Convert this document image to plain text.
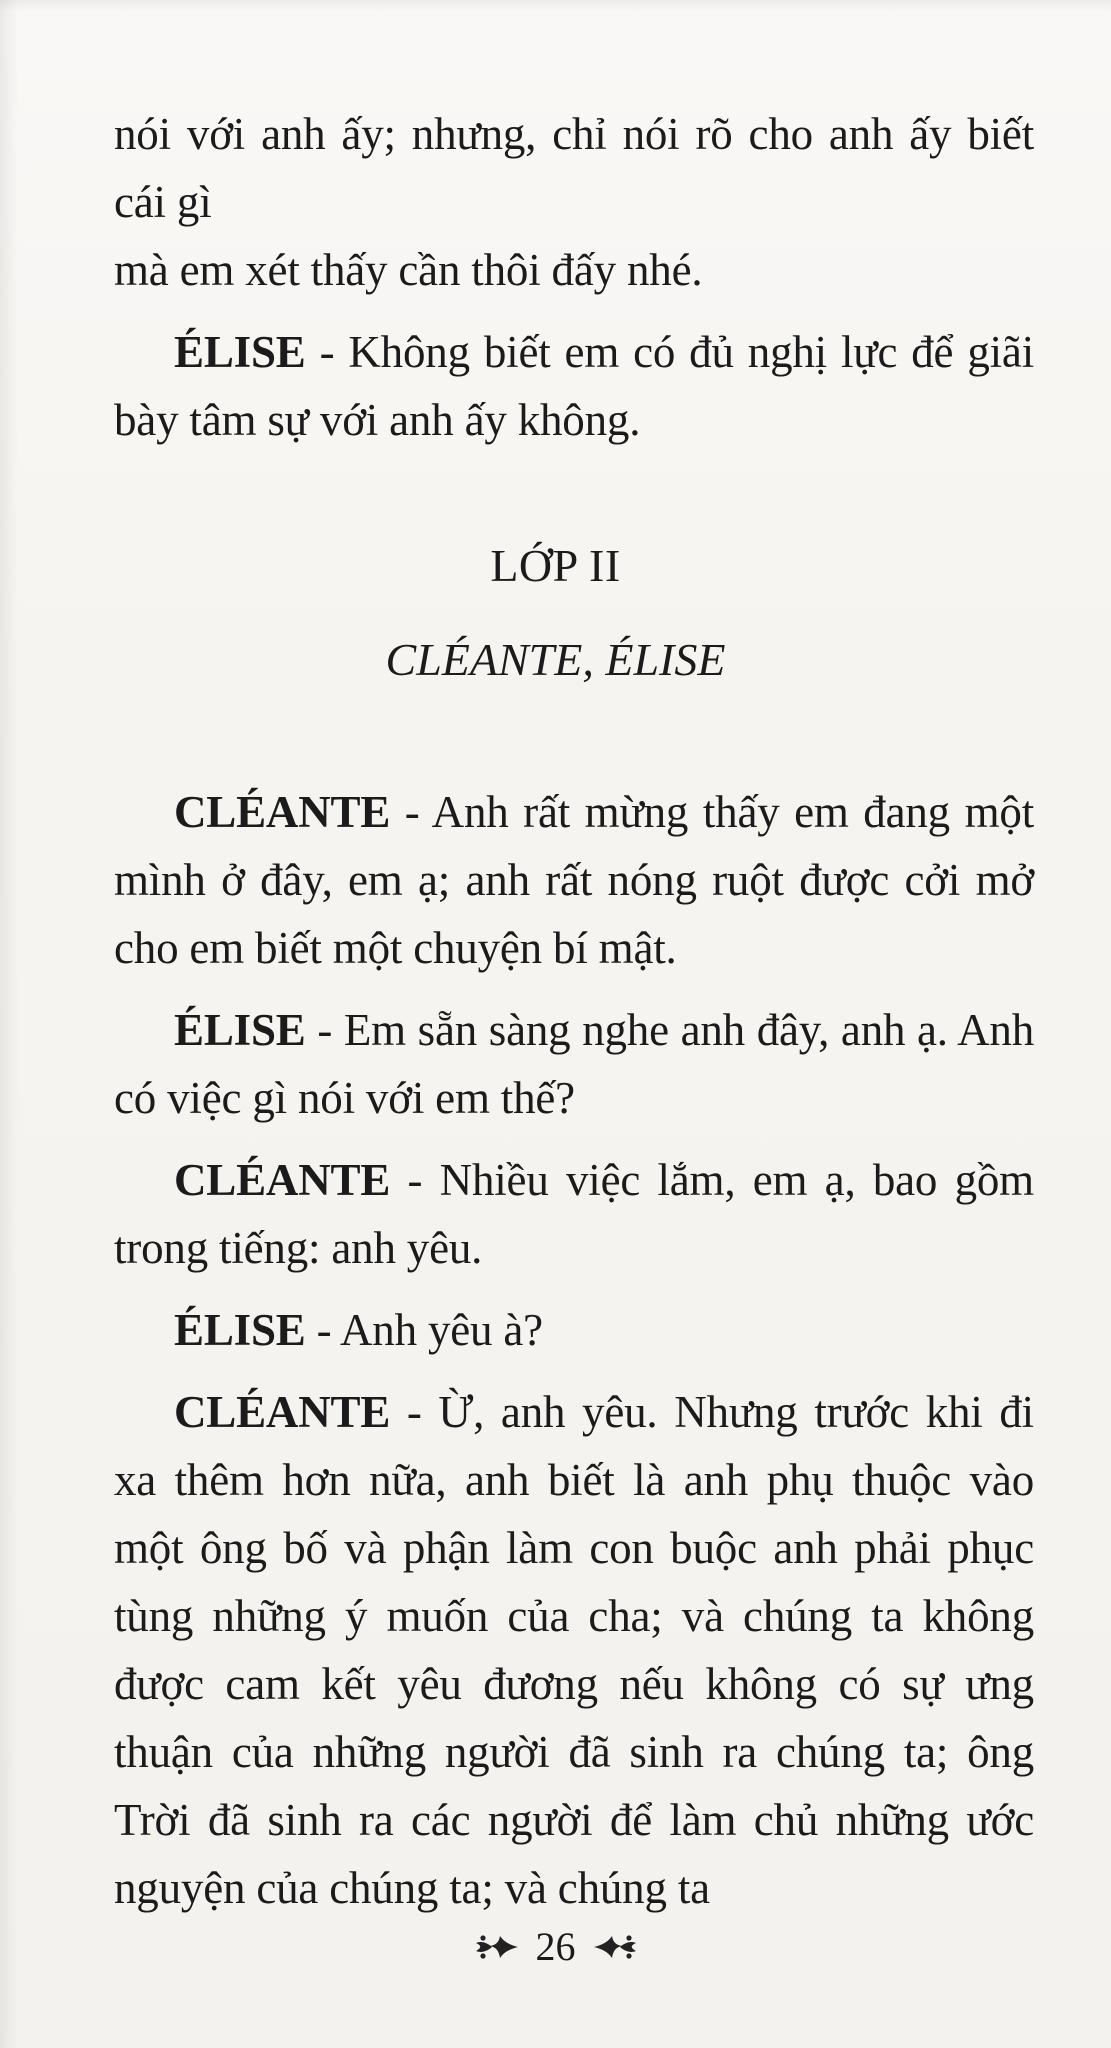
nói với anh ấy; nhưng, chỉ nói rõ cho anh ấy biết cái gì
mà em xét thấy cần thôi đấy nhé.

ÉLISE - Không biết em có đủ nghị lực để giãi bày tâm sự với anh ấy không.

LỚP II
CLÉANTE, ÉLISE

CLÉANTE - Anh rất mừng thấy em đang một mình ở đây, em ạ; anh rất nóng ruột được cởi mở cho em biết một chuyện bí mật.

ÉLISE - Em sẵn sàng nghe anh đây, anh ạ. Anh có việc gì nói với em thế?

CLÉANTE - Nhiều việc lắm, em ạ, bao gồm trong tiếng: anh yêu.

ÉLISE - Anh yêu à?

CLÉANTE - Ừ, anh yêu. Nhưng trước khi đi xa thêm hơn nữa, anh biết là anh phụ thuộc vào một ông bố và phận làm con buộc anh phải phục tùng những ý muốn của cha; và chúng ta không được cam kết yêu đương nếu không có sự ưng thuận của những người đã sinh ra chúng ta; ông Trời đã sinh ra các người để làm chủ những ước nguyện của chúng ta; và chúng ta

26
